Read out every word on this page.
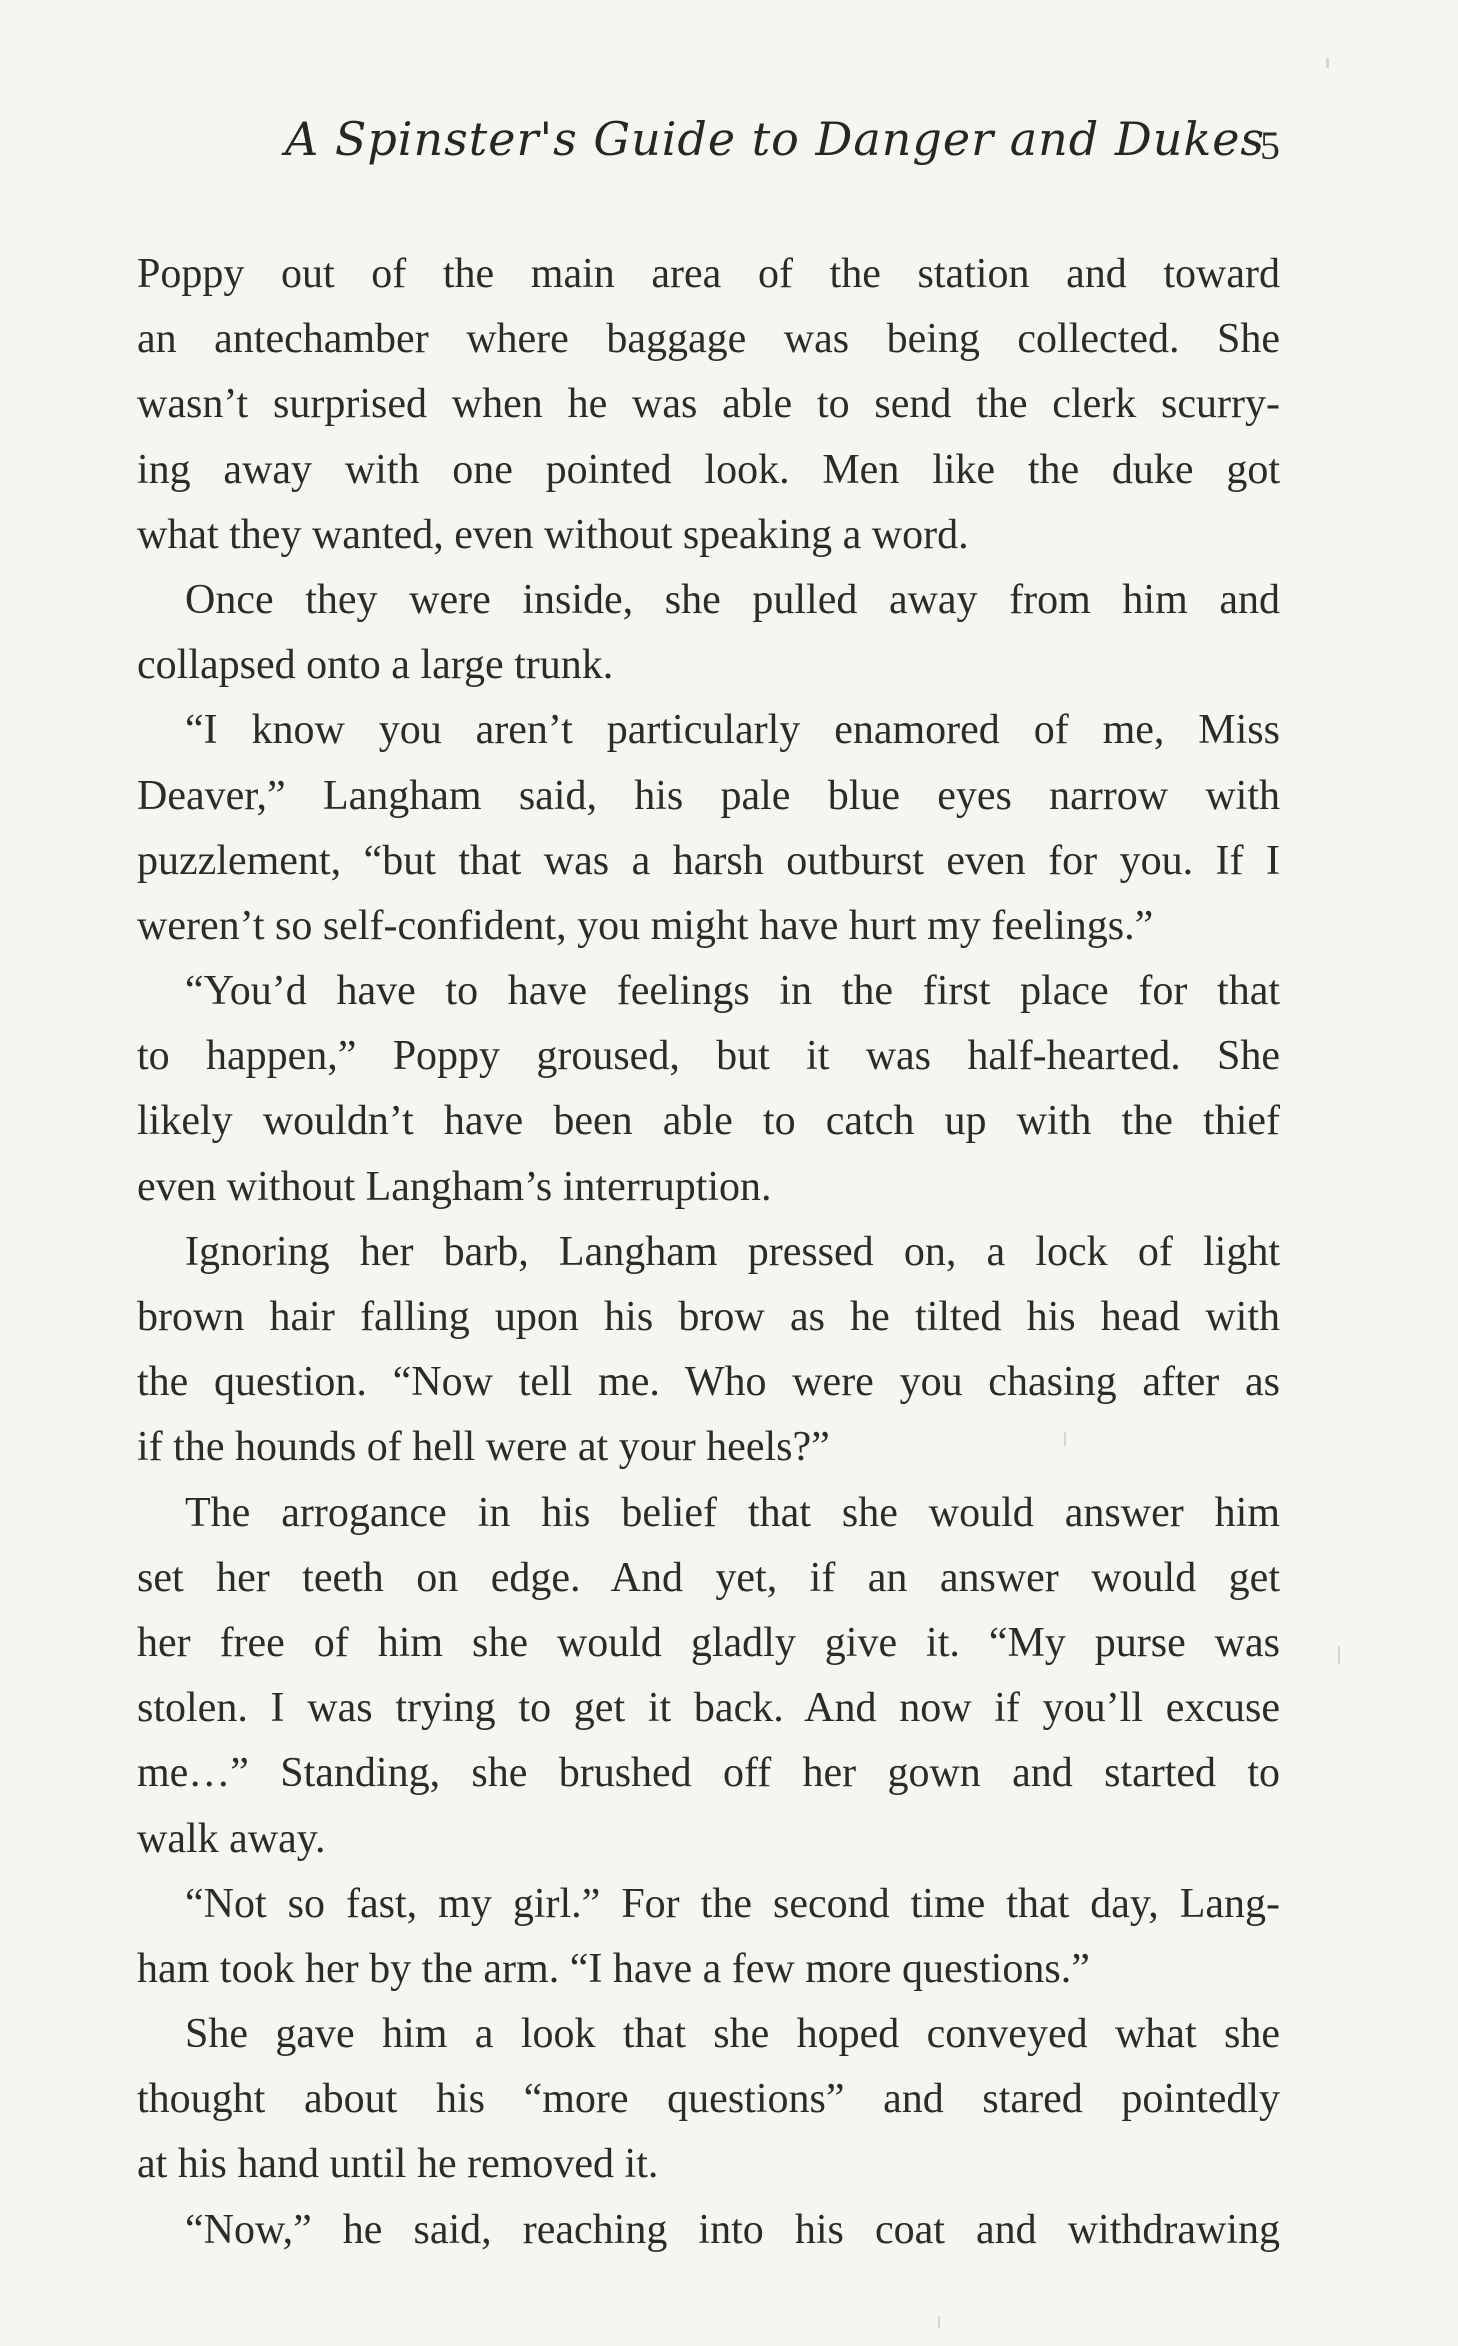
A Spinster's Guide to Danger and Dukes
5
Poppy out of the main area of the station and toward
an antechamber where baggage was being collected. She
wasn’t surprised when he was able to send the clerk scurry-
ing away with one pointed look. Men like the duke got
what they wanted, even without speaking a word.
Once they were inside, she pulled away from him and
collapsed onto a large trunk.
“I know you aren’t particularly enamored of me, Miss
Deaver,” Langham said, his pale blue eyes narrow with
puzzlement, “but that was a harsh outburst even for you. If I
weren’t so self-confident, you might have hurt my feelings.”
“You’d have to have feelings in the first place for that
to happen,” Poppy groused, but it was half-hearted. She
likely wouldn’t have been able to catch up with the thief
even without Langham’s interruption.
Ignoring her barb, Langham pressed on, a lock of light
brown hair falling upon his brow as he tilted his head with
the question. “Now tell me. Who were you chasing after as
if the hounds of hell were at your heels?”
The arrogance in his belief that she would answer him
set her teeth on edge. And yet, if an answer would get
her free of him she would gladly give it. “My purse was
stolen. I was trying to get it back. And now if you’ll excuse
me…” Standing, she brushed off her gown and started to
walk away.
“Not so fast, my girl.” For the second time that day, Lang-
ham took her by the arm. “I have a few more questions.”
She gave him a look that she hoped conveyed what she
thought about his “more questions” and stared pointedly
at his hand until he removed it.
“Now,” he said, reaching into his coat and withdrawing
